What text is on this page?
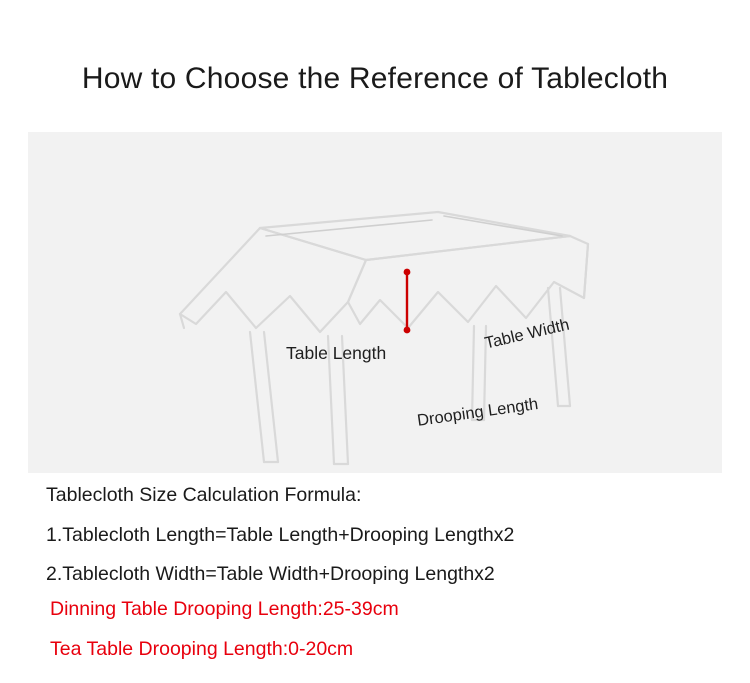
How to Choose the Reference of Tablecloth
Table Length
Table Width
Drooping Length
Tablecloth Size Calculation Formula:
1.Tablecloth Length=Table Length+Drooping Lengthx2
2.Tablecloth Width=Table Width+Drooping Lengthx2
Dinning Table Drooping Length:25-39cm
Tea Table Drooping Length:0-20cm
